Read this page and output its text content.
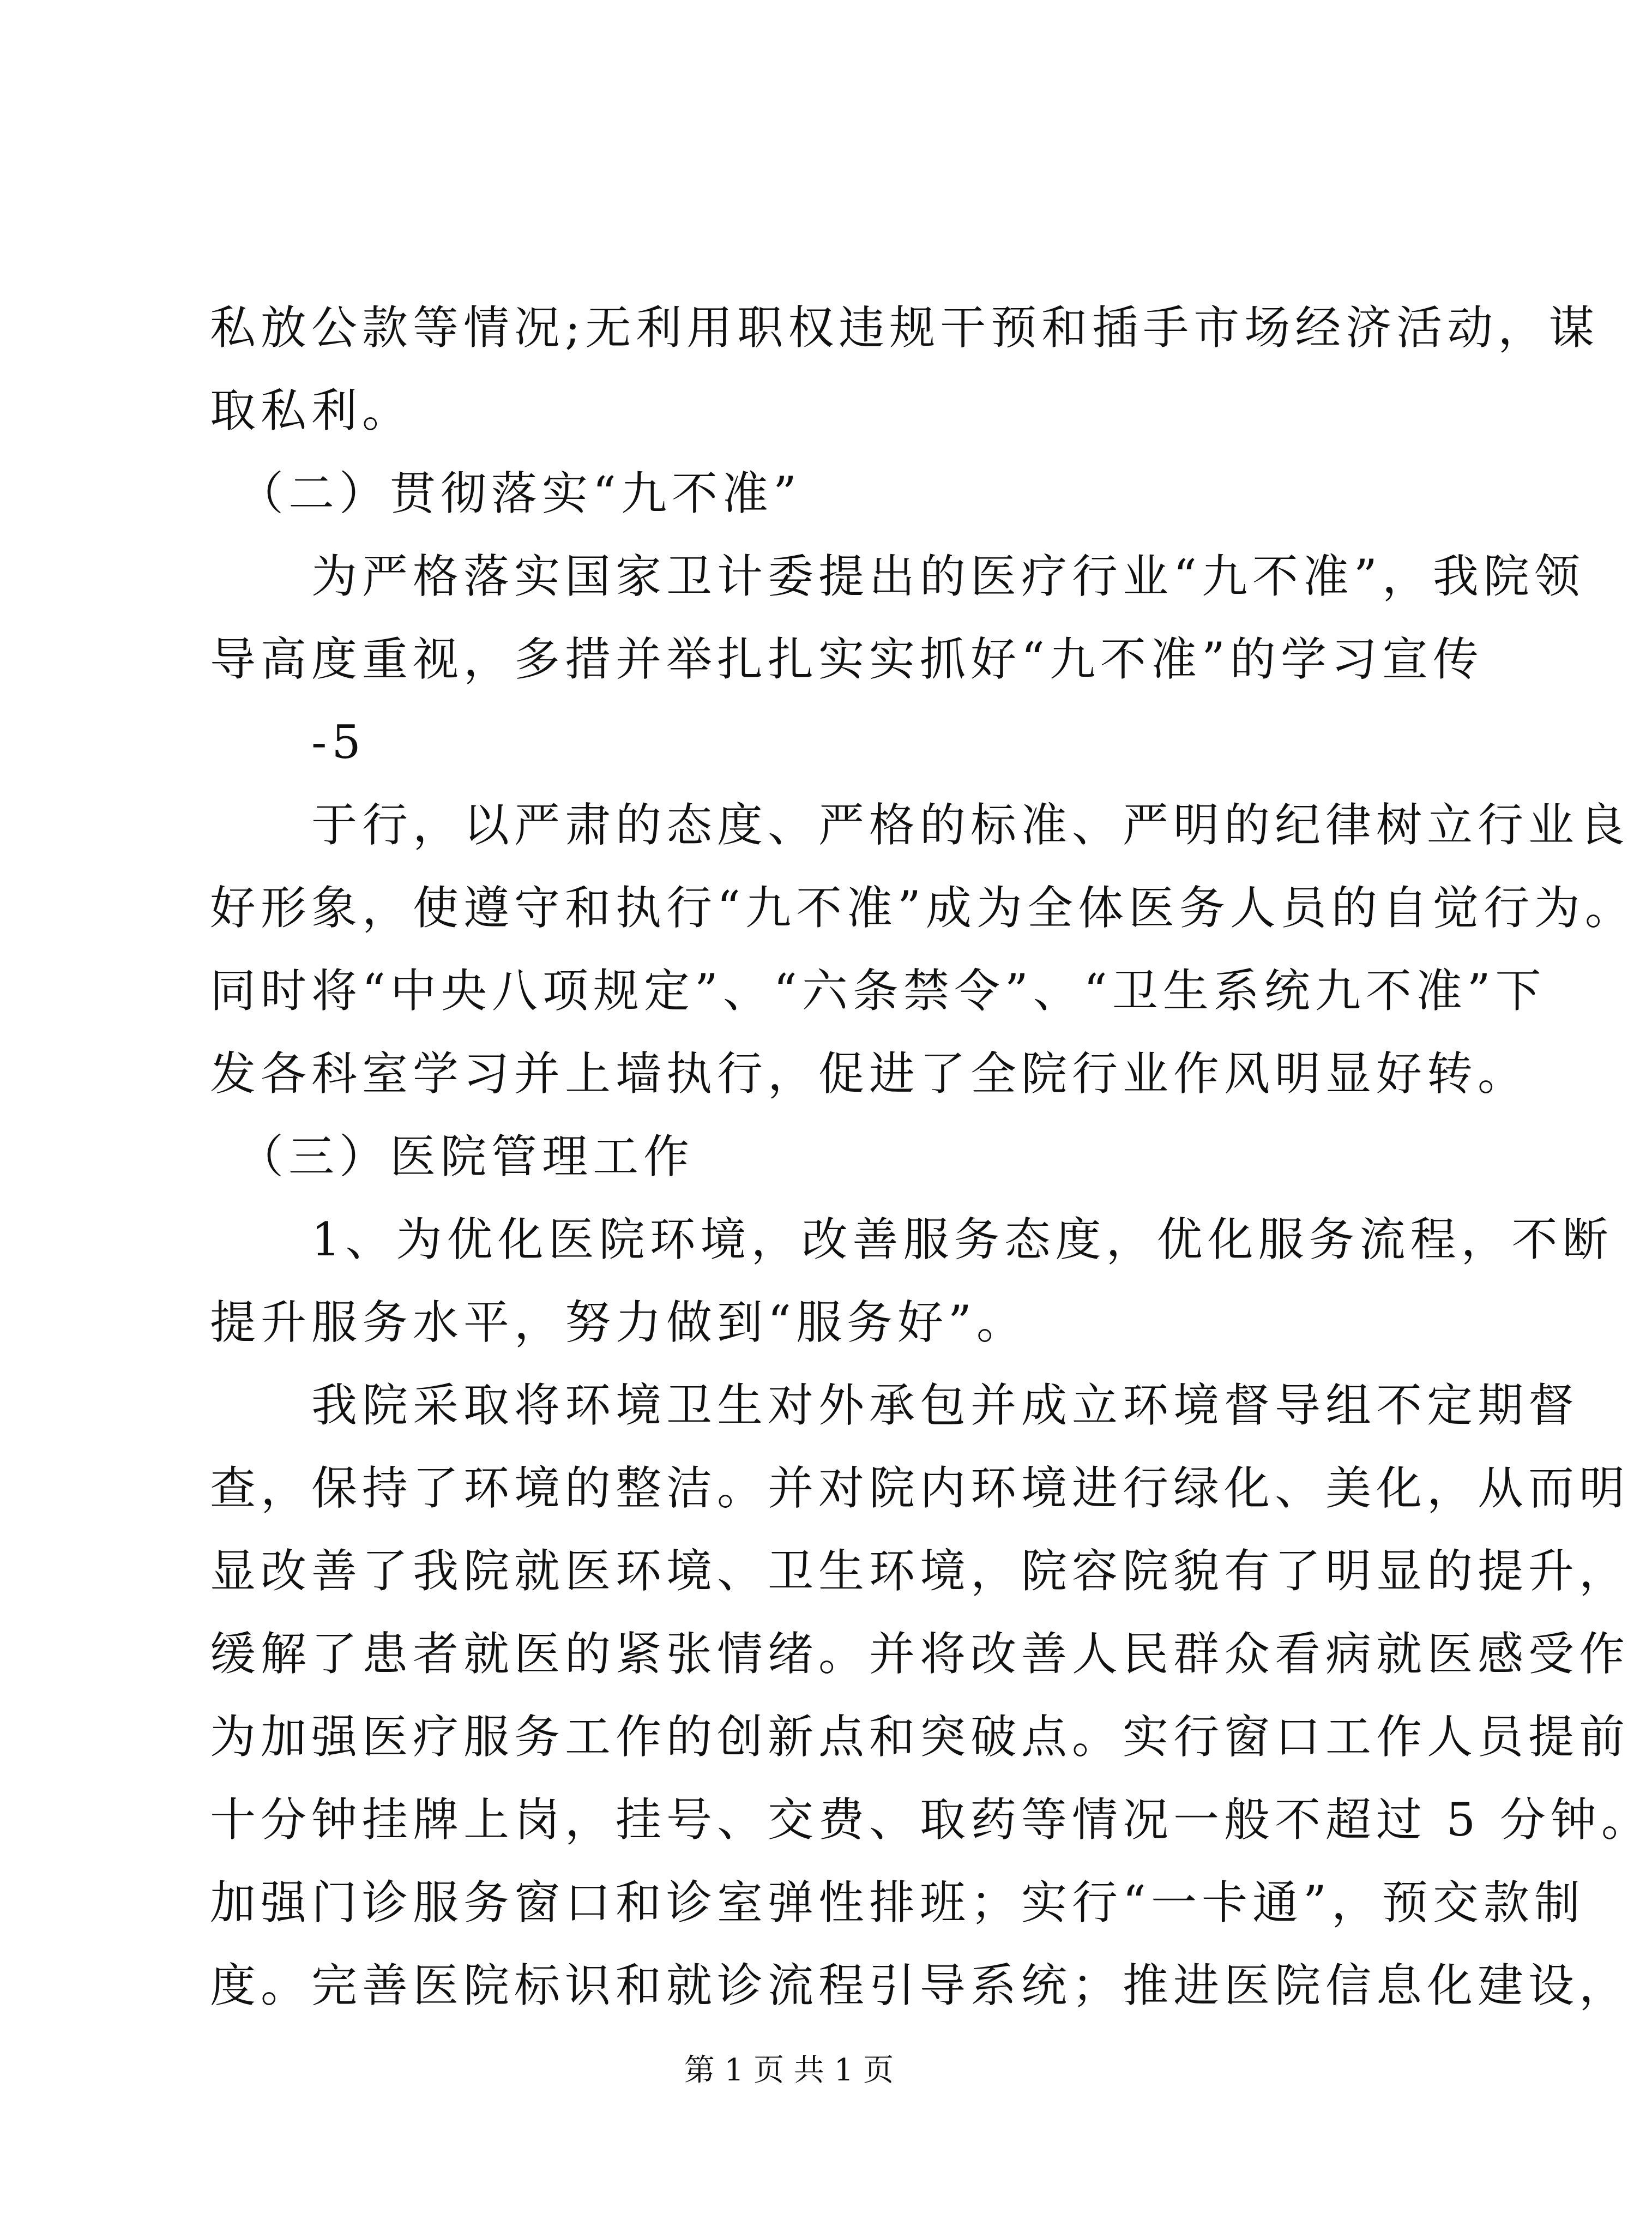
私放公款等情况;无利用职权违规干预和插手市场经济活动，谋
取私利。
　（二）贯彻落实“九不准”
　　为严格落实国家卫计委提出的医疗行业“九不准”，我院领
导高度重视，多措并举扎扎实实抓好“九不准”的学习宣传
　　-5
　　于行，以严肃的态度、严格的标准、严明的纪律树立行业良
好形象，使遵守和执行“九不准”成为全体医务人员的自觉行为。
同时将“中央八项规定”、“六条禁令”、“卫生系统九不准”下
发各科室学习并上墙执行，促进了全院行业作风明显好转。
　（三）医院管理工作
　　1、为优化医院环境，改善服务态度，优化服务流程，不断
提升服务水平，努力做到“服务好”。
　　我院采取将环境卫生对外承包并成立环境督导组不定期督
查，保持了环境的整洁。并对院内环境进行绿化、美化，从而明
显改善了我院就医环境、卫生环境，院容院貌有了明显的提升，
缓解了患者就医的紧张情绪。并将改善人民群众看病就医感受作
为加强医疗服务工作的创新点和突破点。实行窗口工作人员提前
十分钟挂牌上岗，挂号、交费、取药等情况一般不超过 5 分钟。
加强门诊服务窗口和诊室弹性排班；实行“一卡通”，预交款制
度。完善医院标识和就诊流程引导系统；推进医院信息化建设，
第 1 页 共 1 页
